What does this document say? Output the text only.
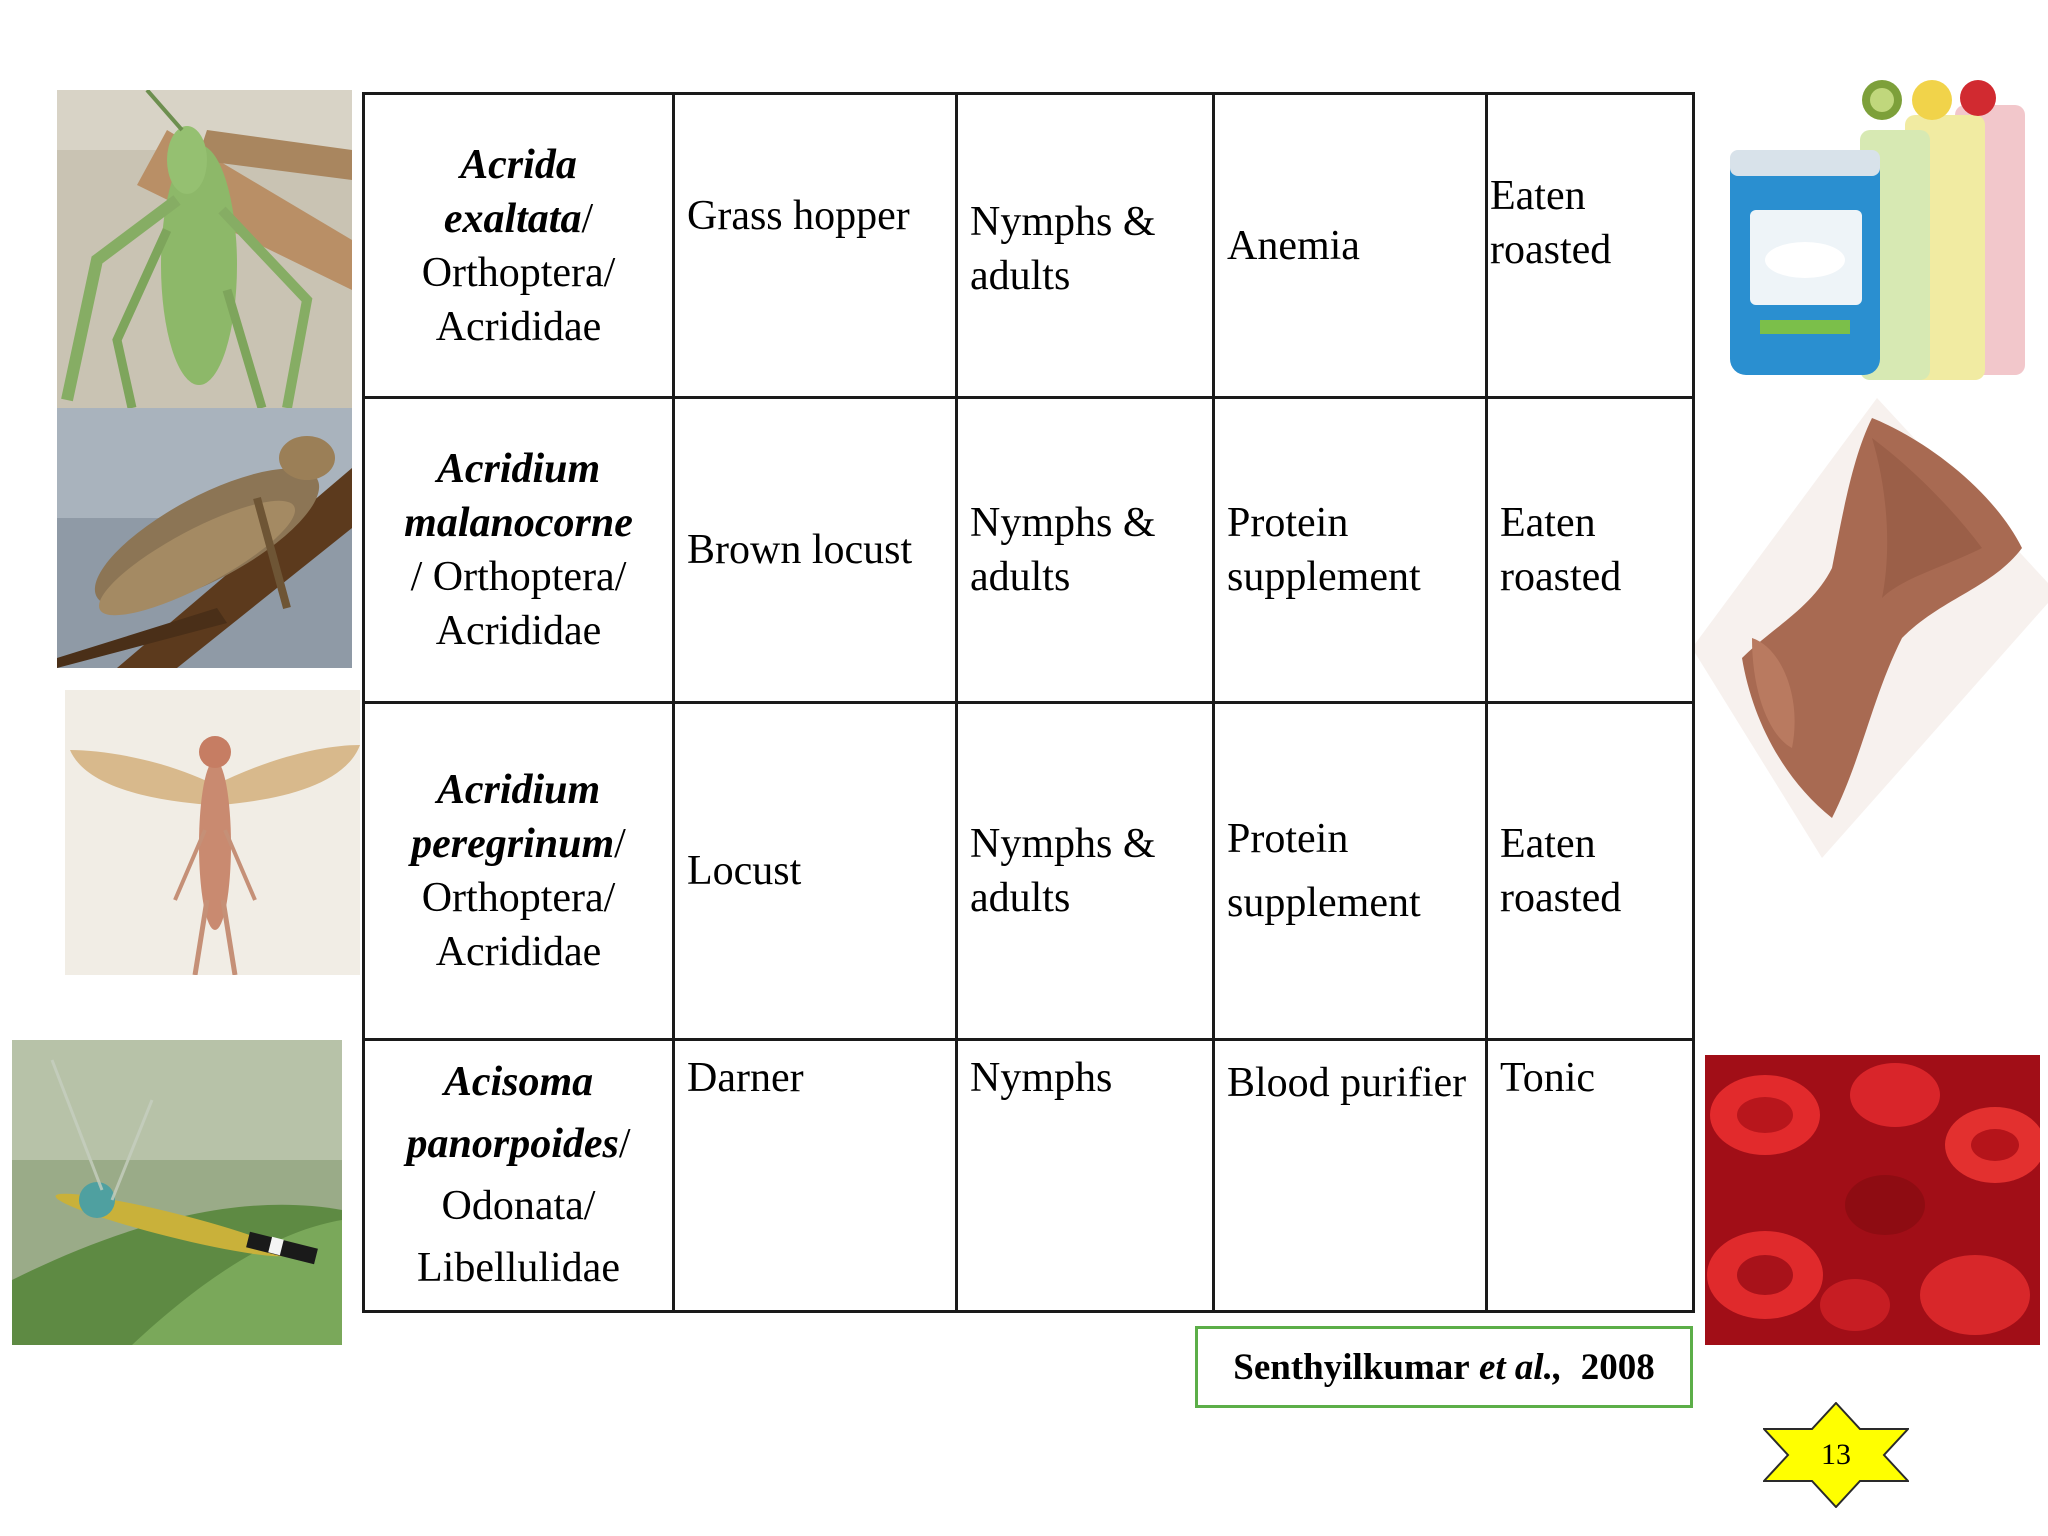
Acrida
exaltata/
Orthoptera/
Acrididae	Grass hopper	Nymphs & adults	Anemia	Eaten roasted
Acridium
malanocorne
/ Orthoptera/
Acrididae	Brown locust	Nymphs & adults	Protein supplement	Eaten roasted
Acridium
peregrinum/
Orthoptera/
Acrididae	Locust	Nymphs & adults	Protein supplement	Eaten roasted
Acisoma
panorpoides/
Odonata/
Libellulidae	Darner	Nymphs	Blood purifier	Tonic
Senthyilkumar
et al.,
2008
13
